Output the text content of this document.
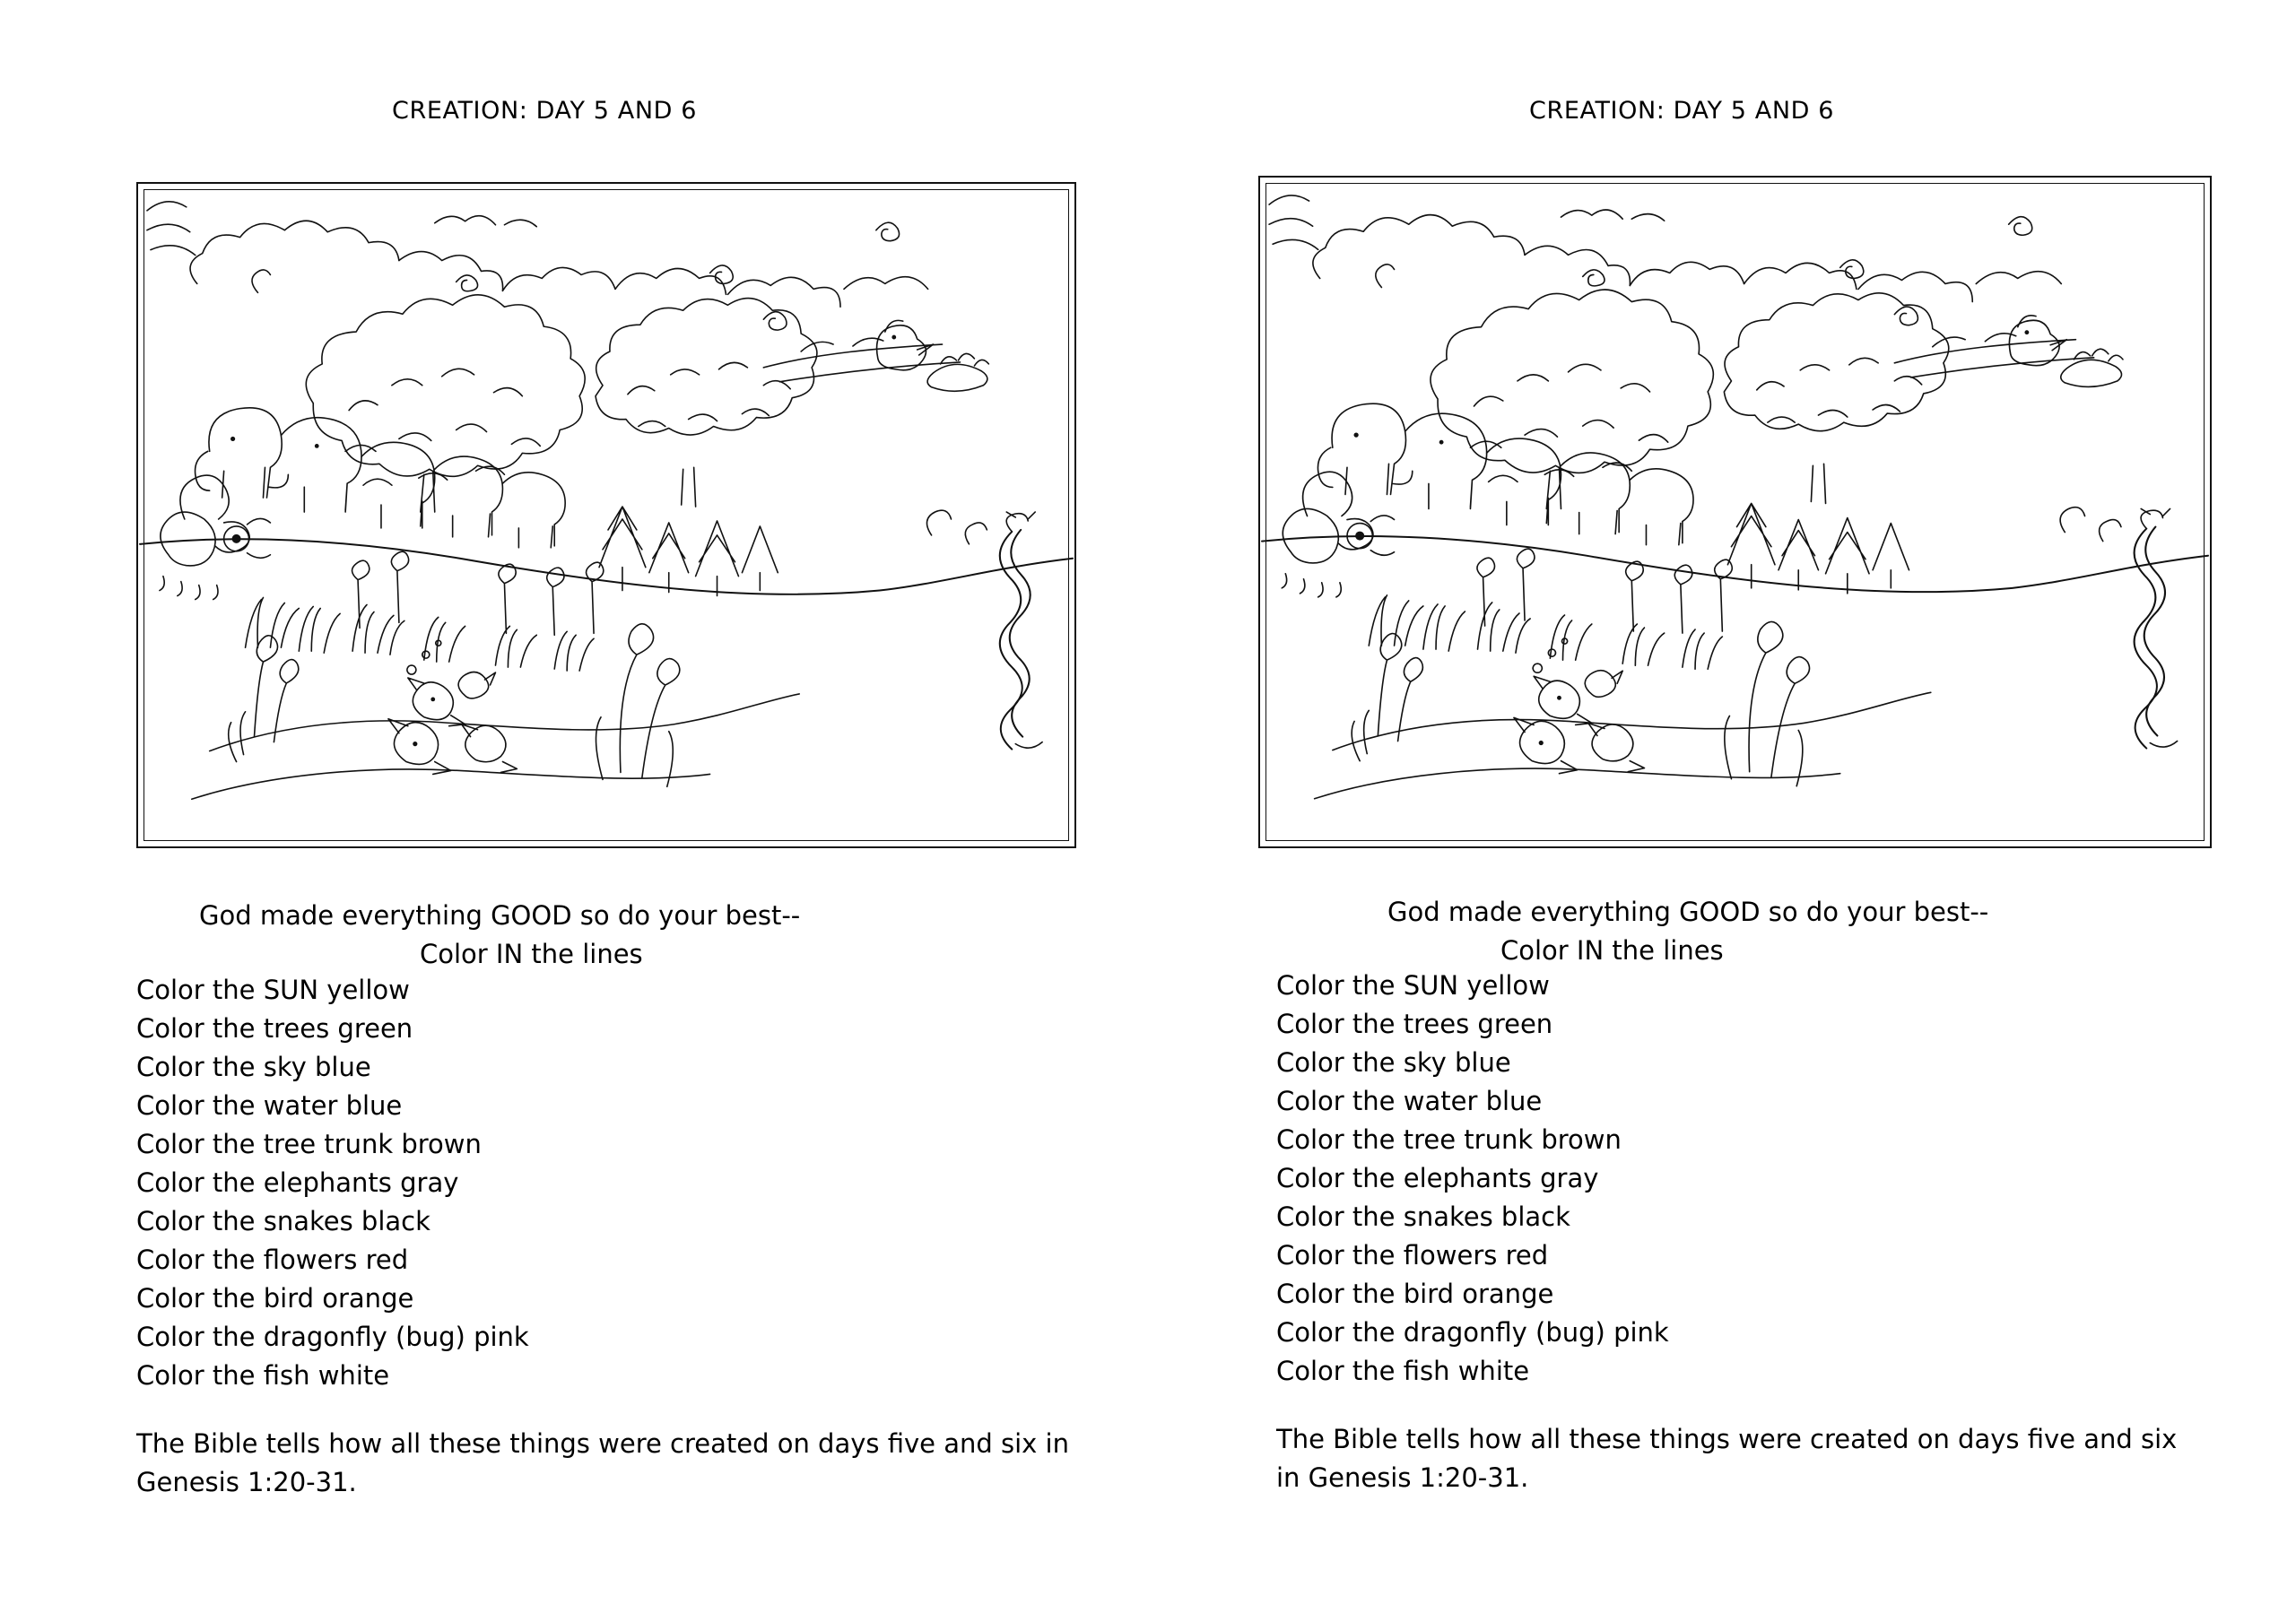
CREATION: DAY 5 AND 6
God made everything GOOD so do your best--
Color IN the lines
Color the SUN yellow
Color the trees green
Color the sky blue
Color the water blue
Color the tree trunk brown
Color the elephants gray
Color the snakes black
Color the flowers red
Color the bird orange
Color the dragonfly (bug) pink
Color the fish white
The Bible tells how all these things were created on days five and six in Genesis 1:20-31.
CREATION: DAY 5 AND 6
God made everything GOOD so do your best--
Color IN the lines
Color the SUN yellow
Color the trees green
Color the sky blue
Color the water blue
Color the tree trunk brown
Color the elephants gray
Color the snakes black
Color the flowers red
Color the bird orange
Color the dragonfly (bug) pink
Color the fish white
The Bible tells how all these things were created on days five and six in Genesis 1:20-31.
